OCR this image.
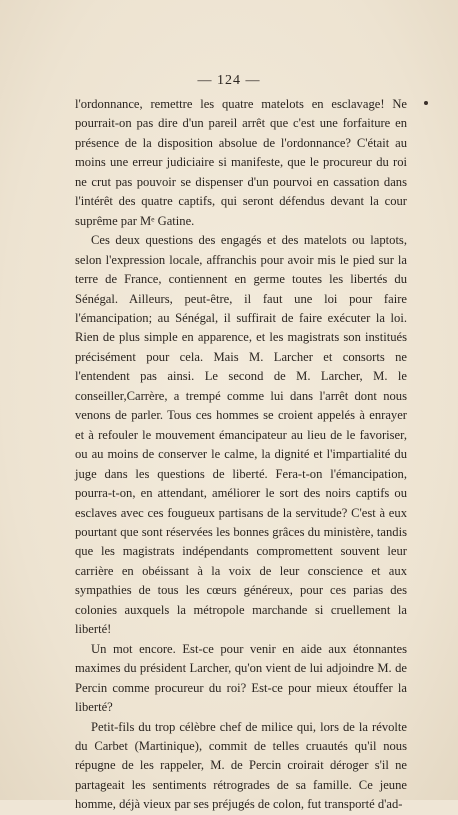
— 124 —

l'ordonnance, remettre les quatre matelots en esclavage! Ne pourrait-on pas dire d'un pareil arrêt que c'est une forfaiture en présence de la disposition absolue de l'ordonnance? C'était au moins une erreur judiciaire si manifeste, que le procureur du roi ne crut pas pouvoir se dispenser d'un pourvoi en cassation dans l'intérêt des quatre captifs, qui seront défendus devant la cour suprême par Mᵉ Gatine.

Ces deux questions des engagés et des matelots ou laptots, selon l'expression locale, affranchis pour avoir mis le pied sur la terre de France, contiennent en germe toutes les libertés du Sénégal. Ailleurs, peut-être, il faut une loi pour faire l'émancipation; au Sénégal, il suffirait de faire exécuter la loi. Rien de plus simple en apparence, et les magistrats son institués précisément pour cela. Mais M. Larcher et consorts ne l'entendent pas ainsi. Le second de M. Larcher, M. le conseiller,Carrère, a trempé comme lui dans l'arrêt dont nous venons de parler. Tous ces hommes se croient appelés à enrayer et à refouler le mouvement émancipateur au lieu de le favoriser, ou au moins de conserver le calme, la dignité et l'impartialité du juge dans les questions de liberté. Fera-t-on l'émancipation, pourra-t-on, en attendant, améliorer le sort des noirs captifs ou esclaves avec ces fougueux partisans de la servitude? C'est à eux pourtant que sont réservées les bonnes grâces du ministère, tandis que les magistrats indépendants compromettent souvent leur carrière en obéissant à la voix de leur conscience et aux sympathies de tous les cœurs généreux, pour ces parias des colonies auxquels la métropole marchande si cruellement la liberté!

Un mot encore. Est-ce pour venir en aide aux étonnantes maximes du président Larcher, qu'on vient de lui adjoindre M. de Percin comme procureur du roi? Est-ce pour mieux étouffer la liberté?

Petit-fils du trop célèbre chef de milice qui, lors de la révolte du Carbet (Martinique), commit de telles cruautés qu'il nous répugne de les rappeler, M. de Percin croirait déroger s'il ne partageait les sentiments rétrogrades de sa famille. Ce jeune homme, déjà vieux par ses préjugés de colon, fut transporté d'ad-
